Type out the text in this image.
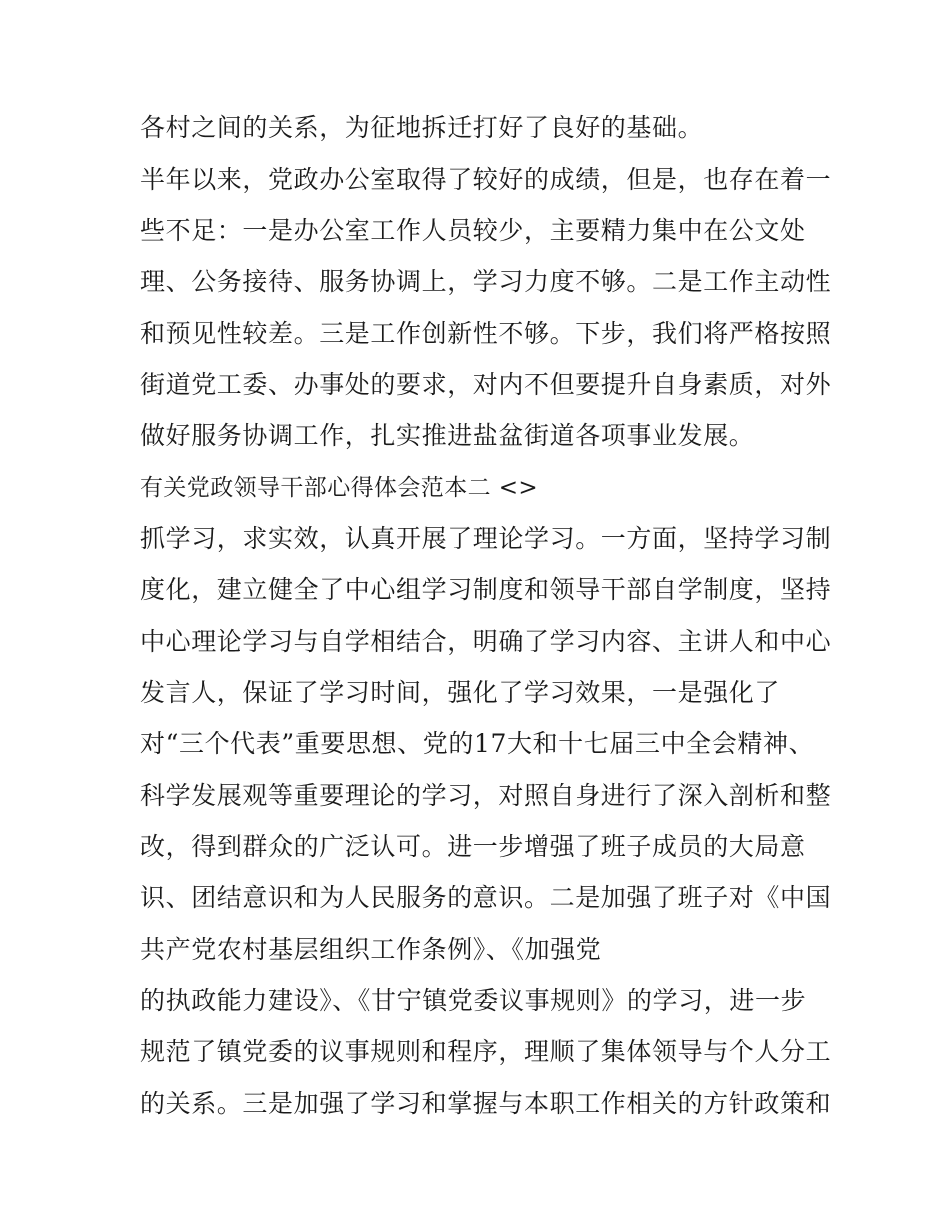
各村之间的关系，为征地拆迁打好了良好的基础。
半年以来，党政办公室取得了较好的成绩，但是，也存在着一
些不足：一是办公室工作人员较少，主要精力集中在公文处
理、公务接待、服务协调上，学习力度不够。二是工作主动性
和预见性较差。三是工作创新性不够。下步，我们将严格按照
街道党工委、办事处的要求，对内不但要提升自身素质，对外
做好服务协调工作，扎实推进盐盆街道各项事业发展。
有关党政领导干部心得体会范本二 <>
抓学习，求实效，认真开展了理论学习。一方面，坚持学习制
度化，建立健全了中心组学习制度和领导干部自学制度，坚持
中心理论学习与自学相结合，明确了学习内容、主讲人和中心
发言人，保证了学习时间，强化了学习效果，一是强化了
对“三个代表”重要思想、党的17大和十七届三中全会精神、
科学发展观等重要理论的学习，对照自身进行了深入剖析和整
改，得到群众的广泛认可。进一步增强了班子成员的大局意
识、团结意识和为人民服务的意识。二是加强了班子对《中国
共产党农村基层组织工作条例》、《加强党
的执政能力建设》、《甘宁镇党委议事规则》的学习，进一步
规范了镇党委的议事规则和程序，理顺了集体领导与个人分工
的关系。三是加强了学习和掌握与本职工作相关的方针政策和
